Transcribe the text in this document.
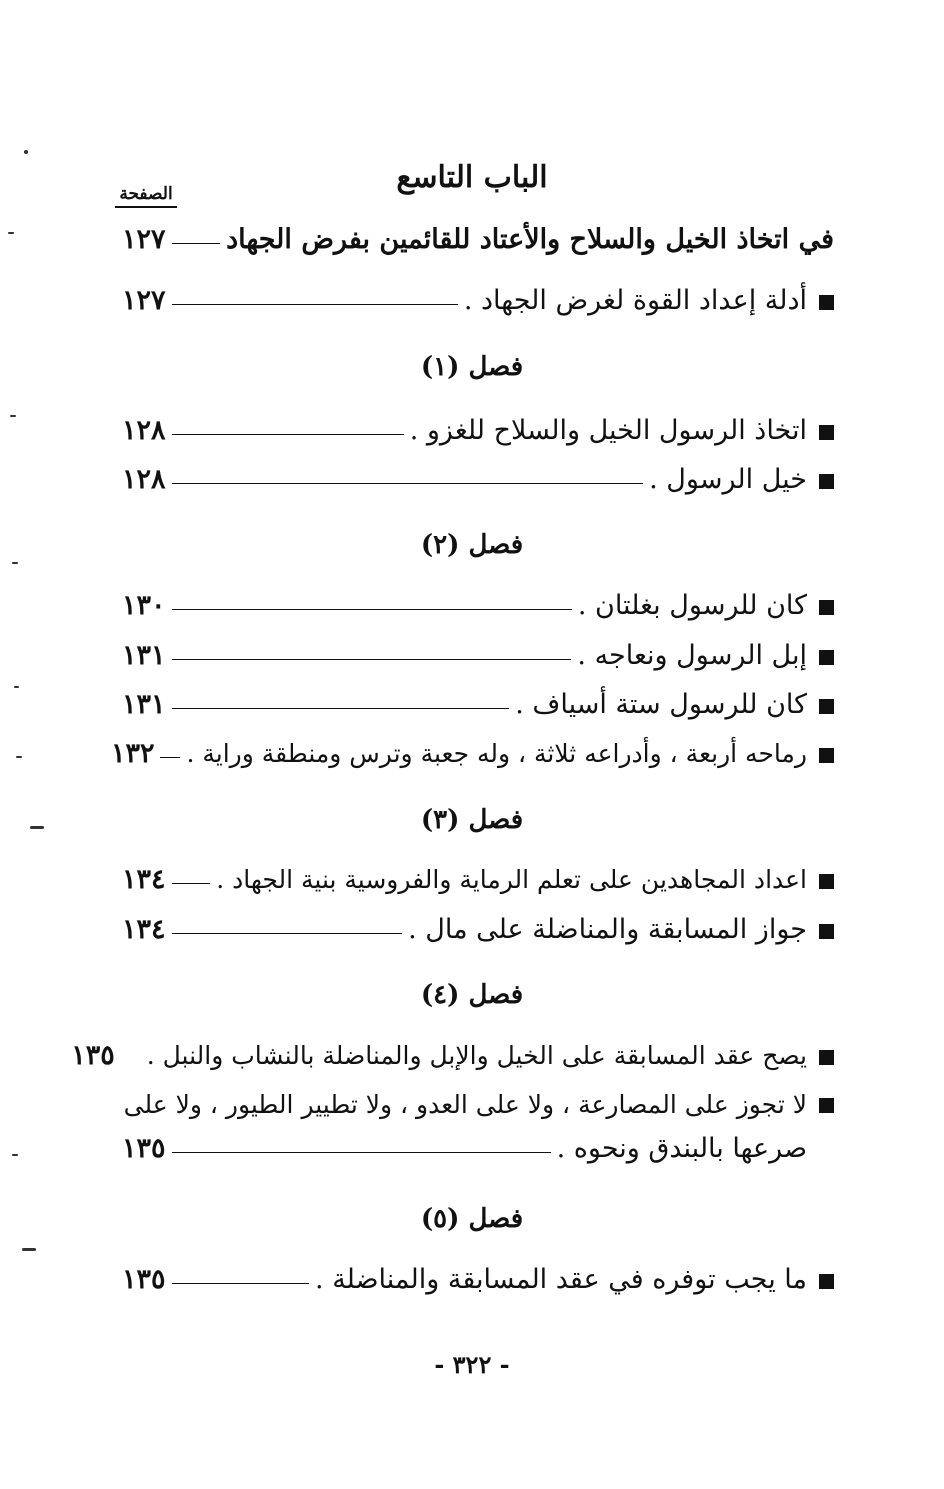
الباب التاسع
الصفحة
في اتخاذ الخيل والسلاح والأعتاد للقائمين بفرض الجهاد
١٢٧
أدلة إعداد القوة لغرض الجهاد .
١٢٧
فصل (١)
اتخاذ الرسول الخيل والسلاح للغزو .
١٢٨
خيل الرسول .
١٢٨
فصل (٢)
كان للرسول بغلتان .
١٣٠
إبل الرسول ونعاجه .
١٣١
كان للرسول ستة أسياف .
١٣١
رماحه أربعة ، وأدراعه ثلاثة ، وله جعبة وترس ومنطقة وراية .
١٣٢
فصل (٣)
اعداد المجاهدين على تعلم الرماية والفروسية بنية الجهاد .
١٣٤
جواز المسابقة والمناضلة على مال .
١٣٤
فصل (٤)
يصح عقد المسابقة على الخيل والإبل والمناضلة بالنشاب والنبل .
١٣٥
لا تجوز على المصارعة ، ولا على العدو ، ولا تطيير الطيور ، ولا على
صرعها بالبندق ونحوه .
١٣٥
فصل (٥)
ما يجب توفره في عقد المسابقة والمناضلة .
١٣٥
- ٣٢٢ -
